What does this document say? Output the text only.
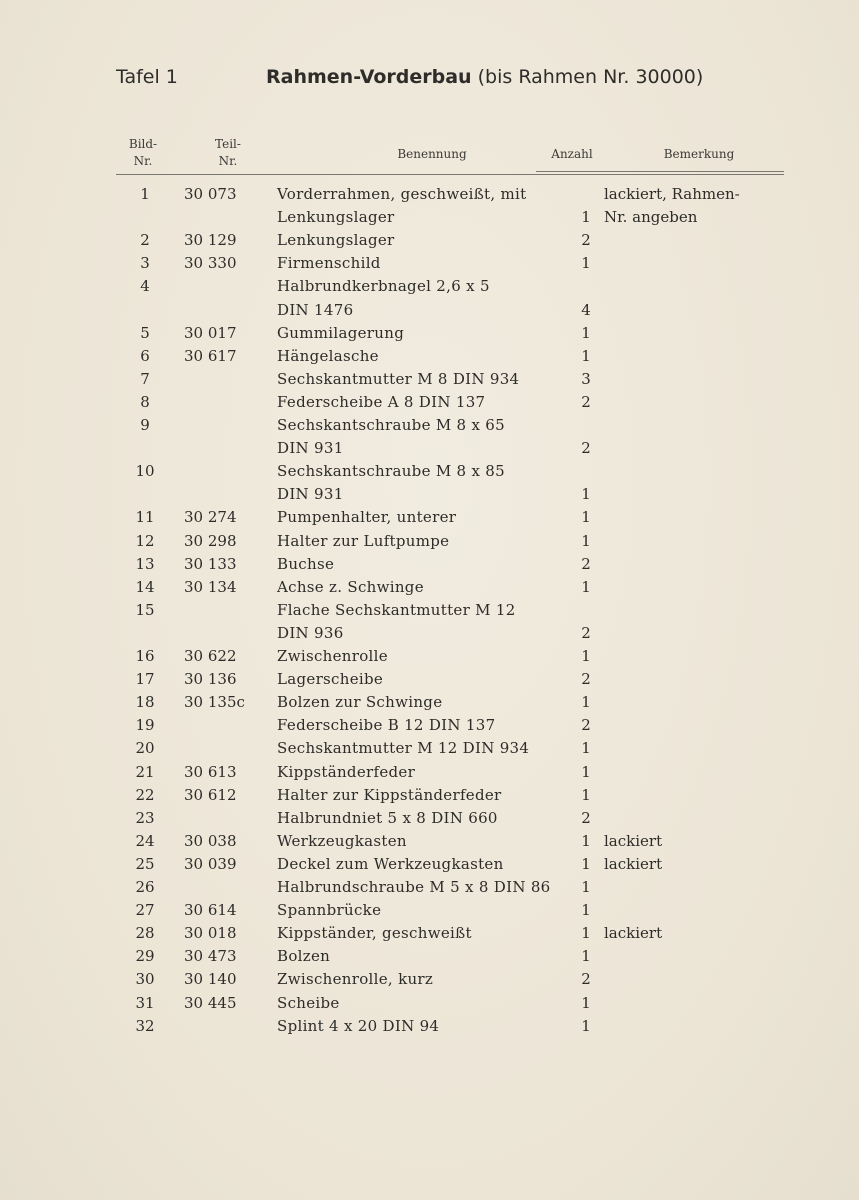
Tafel 1	Rahmen-Vorderbau (bis Rahmen Nr. 30000)
Bild-
Nr.
Teil-
Nr.	Benennung	Anzahl	Bemerkung
1	30 073	Vorderrahmen, geschweißt, mit	lackiert, Rahmen-
Lenkungslager	1 Nr. angeben
2	30 129	Lenkungslager	2
3	30 330	Firmenschild	1
4	Halbrundkerbnagel 2,6 x 5
DIN 1476	4
5	30 017	Gummilagerung	1
6	30 617	Hängelasche	1
7	Sechskantmutter M 8 DIN 934	3
8	Federscheibe A 8 DIN 137	2
9	Sechskantschraube M 8 x 65
DIN 931	2
10	Sechskantschraube M 8 x 85
DIN 931	1
11	30 274	Pumpenhalter, unterer	1
12	30 298	Halter zur Luftpumpe	1
13	30 133	Buchse	2
14	30 134	Achse z. Schwinge	1
15	Flache Sechskantmutter M 12
DIN 936	2
16	30 622	Zwischenrolle	1
17	30 136	Lagerscheibe	2
18	30 135c	Bolzen zur Schwinge	1
19	Federscheibe B 12 DIN 137	2
20	Sechskantmutter M 12 DIN 934	1
21	30 613	Kippständerfeder	1
22	30 612	Halter zur Kippständerfeder	1
23	Halbrundniet 5 x 8 DIN 660	2
24	30 038	Werkzeugkasten	1 lackiert
25	30 039	Deckel zum Werkzeugkasten	1 lackiert
26	Halbrundschraube M 5 x 8 DIN 86	1
27	30 614	Spannbrücke	1
28	30 018	Kippständer, geschweißt	1 lackiert
29	30 473	Bolzen	1
30	30 140	Zwischenrolle, kurz	2
31	30 445	Scheibe	1
32	Splint 4 x 20 DIN 94	1
